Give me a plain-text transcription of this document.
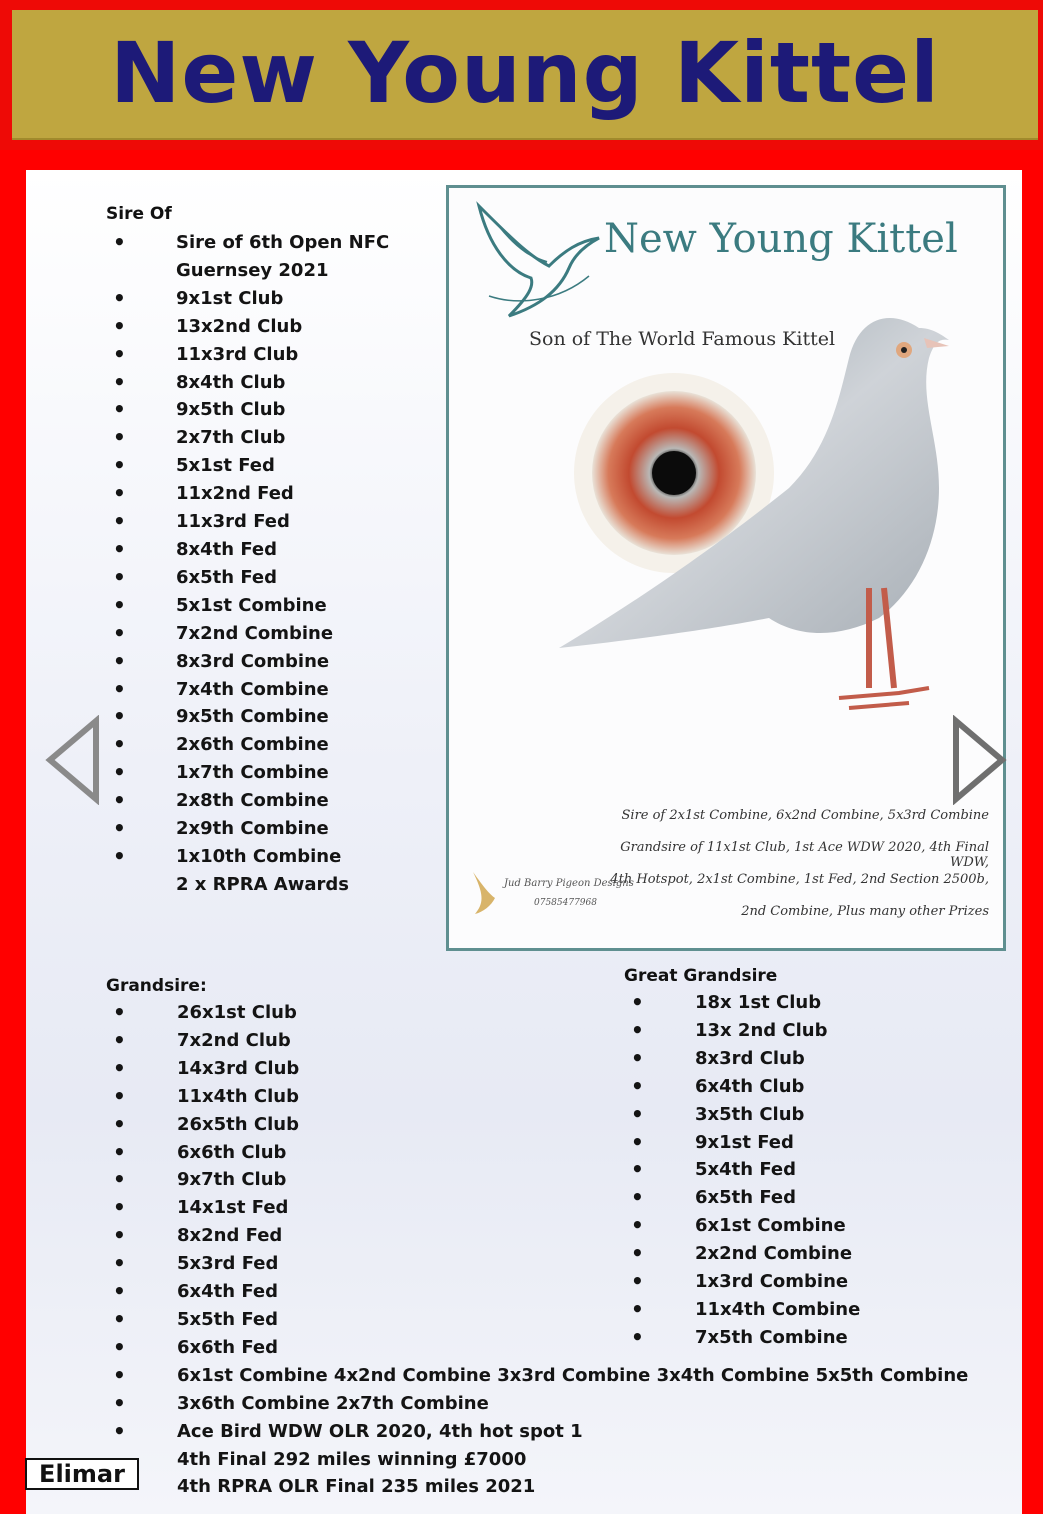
New Young Kittel
Sire Of
•	Sire of 6th Open NFC
Guernsey 2021
•	9x1st Club
•	13x2nd Club
•	11x3rd Club
•	8x4th Club
•	9x5th Club
•	2x7th Club
•	5x1st Fed
•	11x2nd Fed
•	11x3rd Fed
•	8x4th Fed
•	6x5th Fed
•	5x1st Combine
•	7x2nd Combine
•	8x3rd Combine
•	7x4th Combine
•	9x5th Combine
•	2x6th Combine
•	1x7th Combine
•	2x8th Combine
•	2x9th Combine
•	1x10th Combine
2 x RPRA Awards
New Young Kittel
Son of The World Famous Kittel
Sire of 2x1st Combine, 6x2nd Combine, 5x3rd Combine
Grandsire of 11x1st Club, 1st Ace WDW 2020, 4th Final WDW,
4th Hotspot, 2x1st Combine, 1st Fed, 2nd Section 2500b,
2nd Combine, Plus many other Prizes
Jud Barry Pigeon Designs
07585477968
Grandsire:
•	26x1st Club
•	7x2nd Club
•	14x3rd Club
•	11x4th Club
•	26x5th Club
•	6x6th Club
•	9x7th Club
•	14x1st Fed
•	8x2nd Fed
•	5x3rd Fed
•	6x4th Fed
•	5x5th Fed
•	6x6th Fed
•	6x1st Combine 4x2nd Combine 3x3rd Combine 3x4th Combine 5x5th Combine
•	3x6th Combine 2x7th Combine
•	Ace Bird WDW OLR 2020, 4th hot spot 1
4th Final 292 miles winning £7000
4th RPRA OLR Final 235 miles 2021
Great Grandsire
•	18x 1st Club
•	13x 2nd Club
•	8x3rd Club
•	6x4th Club
•	3x5th Club
•	9x1st Fed
•	5x4th Fed
•	6x5th Fed
•	6x1st Combine
•	2x2nd Combine
•	1x3rd Combine
•	11x4th Combine
•	7x5th Combine
Elimar
